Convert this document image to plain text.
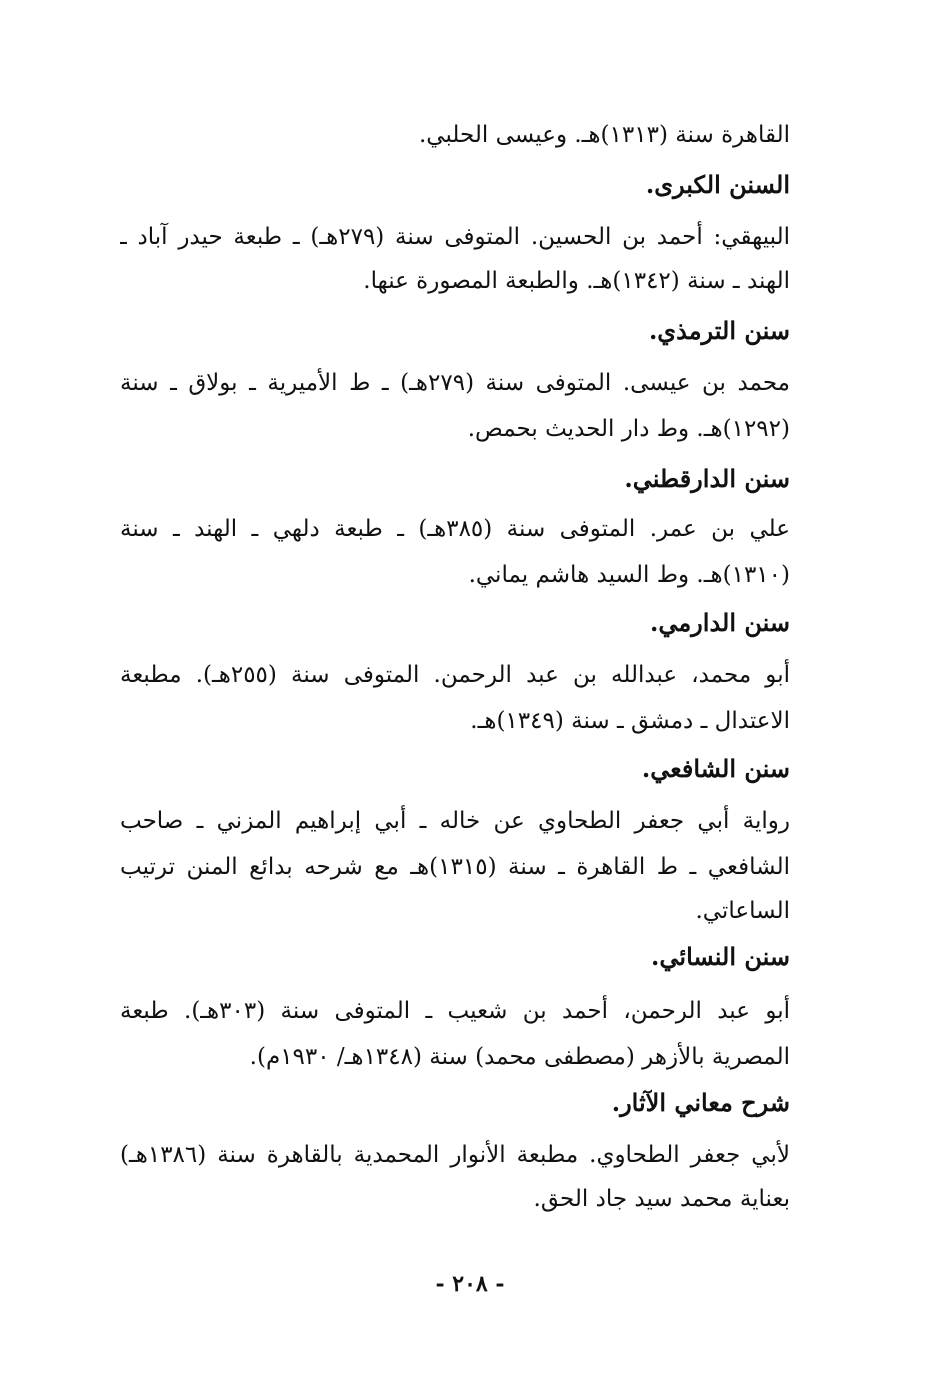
القاهرة سنة (١٣١٣)هـ. وعيسى الحلبي.
السنن الكبرى.
البيهقي: أحمد بن الحسين. المتوفى سنة (٢٧٩هـ) ـ طبعة حيدر آباد ـ
الهند ـ سنة (١٣٤٢)هـ. والطبعة المصورة عنها.
سنن الترمذي.
محمد بن عيسى. المتوفى سنة (٢٧٩هـ) ـ ط الأميرية ـ بولاق ـ سنة
(١٢٩٢)هـ. وط دار الحديث بحمص.
سنن الدارقطني.
علي بن عمر. المتوفى سنة (٣٨٥هـ) ـ طبعة دلهي ـ الهند ـ سنة
(١٣١٠)هـ. وط السيد هاشم يماني.
سنن الدارمي.
أبو محمد، عبدالله بن عبد الرحمن. المتوفى سنة (٢٥٥هـ). مطبعة
الاعتدال ـ دمشق ـ سنة (١٣٤٩)هـ.
سنن الشافعي.
رواية أبي جعفر الطحاوي عن خاله ـ أبي إبراهيم المزني ـ صاحب
الشافعي ـ ط القاهرة ـ سنة (١٣١٥)هـ مع شرحه بدائع المنن ترتيب
الساعاتي.
سنن النسائي.
أبو عبد الرحمن، أحمد بن شعيب ـ المتوفى سنة (٣٠٣هـ). طبعة
المصرية بالأزهر (مصطفى محمد) سنة (١٣٤٨هـ/ ١٩٣٠م).
شرح معاني الآثار.
لأبي جعفر الطحاوي. مطبعة الأنوار المحمدية بالقاهرة سنة (١٣٨٦هـ)
بعناية محمد سيد جاد الحق.
- ٢٠٨ -
